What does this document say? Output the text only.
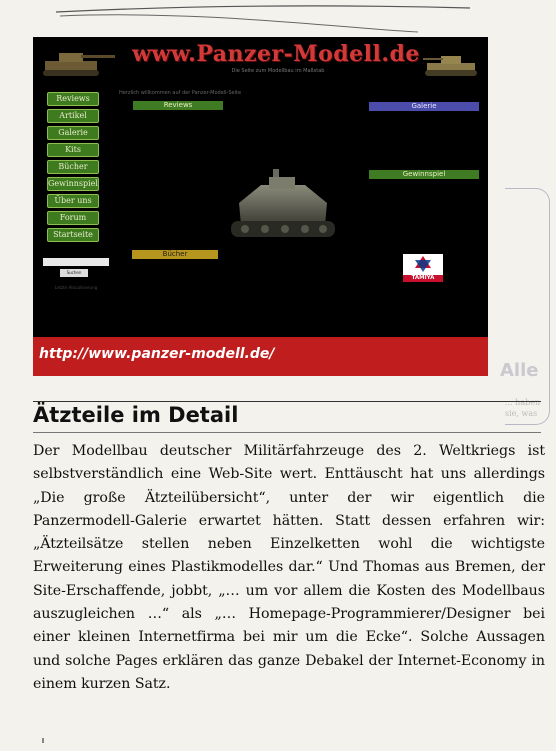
Alle
... haben sie, was
www.Panzer-Modell.de
Die Seite zum Modellbau im Maßstab
Herzlich willkommen auf der Panzer-Modell-Seite
Reviews
Artikel
Galerie
Kits
Bücher
Gewinnspiel
Über uns
Forum
Startseite
Suchen
Letzte Aktualisierung
Reviews	Galerie
Gewinnspiel
Bücher
TAMIYA
http://www.panzer-modell.de/
Ätzteile im Detail

Der Modellbau deutscher Militärfahrzeuge des 2. Weltkriegs ist selbstverständlich eine Web-Site wert. Enttäuscht hat uns allerdings „Die große Ätzteilübersicht“, unter der wir eigentlich die Panzermodell-Galerie erwartet hätten. Statt dessen erfahren wir: „Ätzteilsätze stellen neben Einzelketten wohl die wichtigste Erweiterung eines Plastikmodelles dar.“ Und Thomas aus Bremen, der Site-Erschaffende, jobbt, „… um vor allem die Kosten des Modellbaus auszugleichen …“ als „… Homepage-Programmierer/Designer bei einer kleinen Internetfirma bei mir um die Ecke“. Solche Aussagen und solche Pages erklären das ganze Debakel der Internet-Economy in einem kurzen Satz.
